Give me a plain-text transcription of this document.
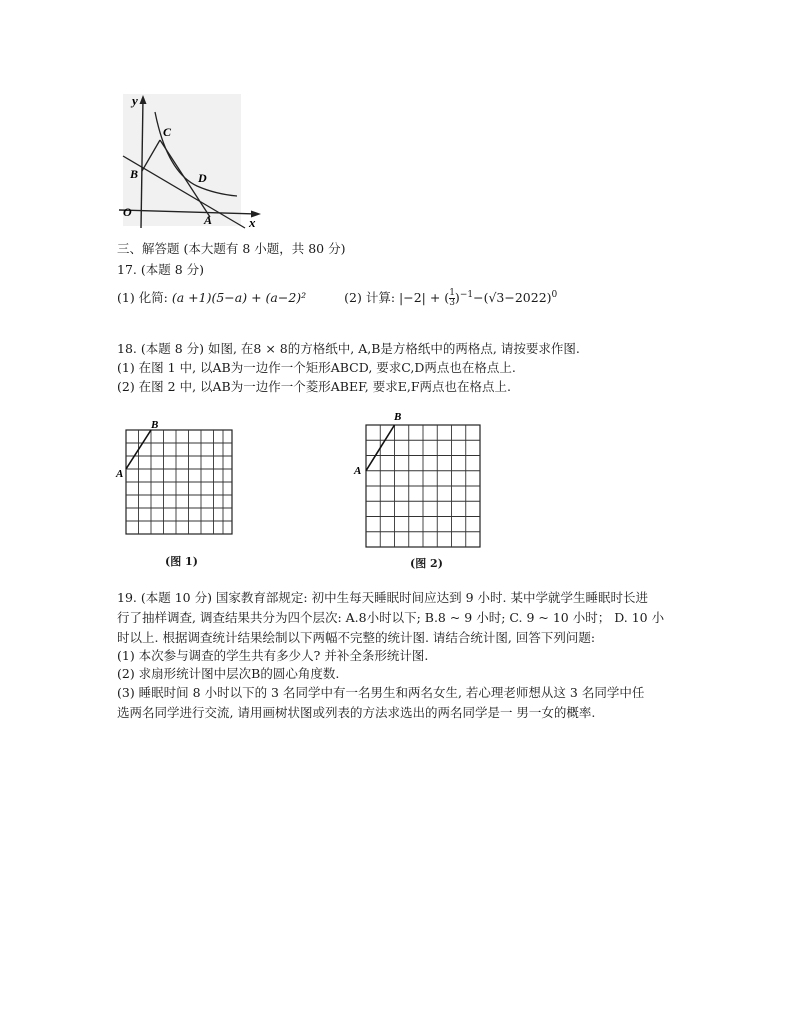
y
x
O
B
C
D
A
三、解答题 (本大题有 8 小题，共 80 分)
17. (本题 8 分)
(1) 化简: (a +1)(5−a) + (a−2)²	(2) 计算: |−2| + ( $\frac{1}{3} )^{-1}-(√3-2022)^0$
18. (本题 8 分) 如图, 在8 × 8的方格纸中, A,B是方格纸中的两格点, 请按要求作图.
(1) 在图 1 中, 以AB为一边作一个矩形ABCD, 要求C,D两点也在格点上.
(2) 在图 2 中, 以AB为一边作一个菱形ABEF, 要求E,F两点也在格点上.
A
B
(图 1)
A
B
(图 2)
19. (本题 10 分) 国家教育部规定: 初中生每天睡眠时间应达到 9 小时. 某中学就学生睡眠时长进
行了抽样调查, 调查结果共分为四个层次: A.8小时以下; B.8 ~ 9 小时; C. 9 ~ 10 小时； D. 10 小
时以上. 根据调查统计结果绘制以下两幅不完整的统计图. 请结合统计图, 回答下列问题:
(1) 本次参与调查的学生共有多少人? 并补全条形统计图.
(2) 求扇形统计图中层次B的圆心角度数.
(3) 睡眠时间 8 小时以下的 3 名同学中有一名男生和两名女生, 若心理老师想从这 3 名同学中任
选两名同学进行交流, 请用画树状图或列表的方法求选出的两名同学是一 男一女的概率.
